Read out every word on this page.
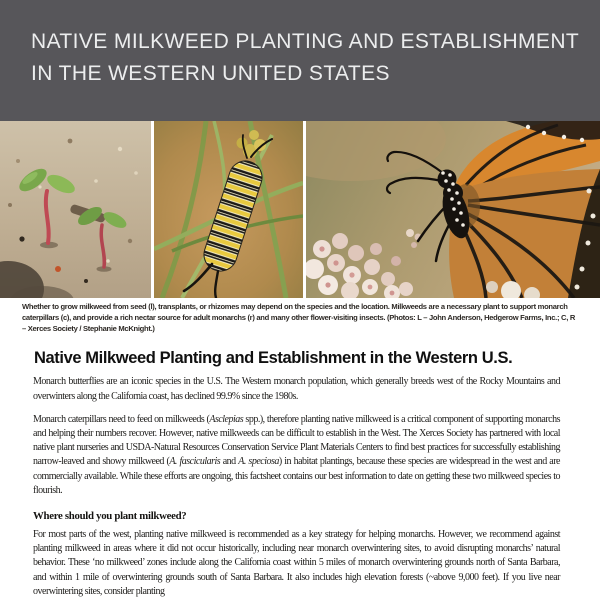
NATIVE MILKWEED PLANTING AND ESTABLISHMENT
IN THE WESTERN UNITED STATES

Whether to grow milkweed from seed (l), transplants, or rhizomes may depend on the species and the location. Milkweeds are a necessary plant to support monarch caterpillars (c), and provide a rich nectar source for adult monarchs (r) and many other flower-visiting insects. (Photos: L – John Anderson, Hedgerow Farms, Inc.; C, R – Xerces Society / Stephanie McKnight.)

Native Milkweed Planting and Establishment in the Western U.S.

Monarch butterflies are an iconic species in the U.S. The Western monarch population, which generally breeds west of the Rocky Mountains and overwinters along the California coast, has declined 99.9% since the 1980s.

Monarch caterpillars need to feed on milkweeds (Asclepias spp.), therefore planting native milkweed is a critical component of supporting monarchs and helping their numbers recover. However, native milkweeds can be difficult to establish in the West. The Xerces Society has partnered with local native plant nurseries and USDA-Natural Resources Conservation Service Plant Materials Centers to find best practices for successfully establishing narrow-leaved and showy milkweed (A. fascicularis and A. speciosa) in habitat plantings, because these species are widespread in the west and are commercially available. While these efforts are ongoing, this factsheet contains our best information to date on getting these two milkweed species to flourish.

Where should you plant milkweed?

For most parts of the west, planting native milkweed is recommended as a key strategy for helping monarchs. However, we recommend against planting milkweed in areas where it did not occur historically, including near monarch overwintering sites, to avoid disrupting monarchs’ natural behavior. These ‘no milkweed’ zones include along the California coast within 5 miles of monarch overwintering grounds north of Santa Barbara, and within 1 mile of overwintering grounds south of Santa Barbara. It also includes high elevation forests (~above 9,000 feet). If you live near overwintering sites, consider planting
